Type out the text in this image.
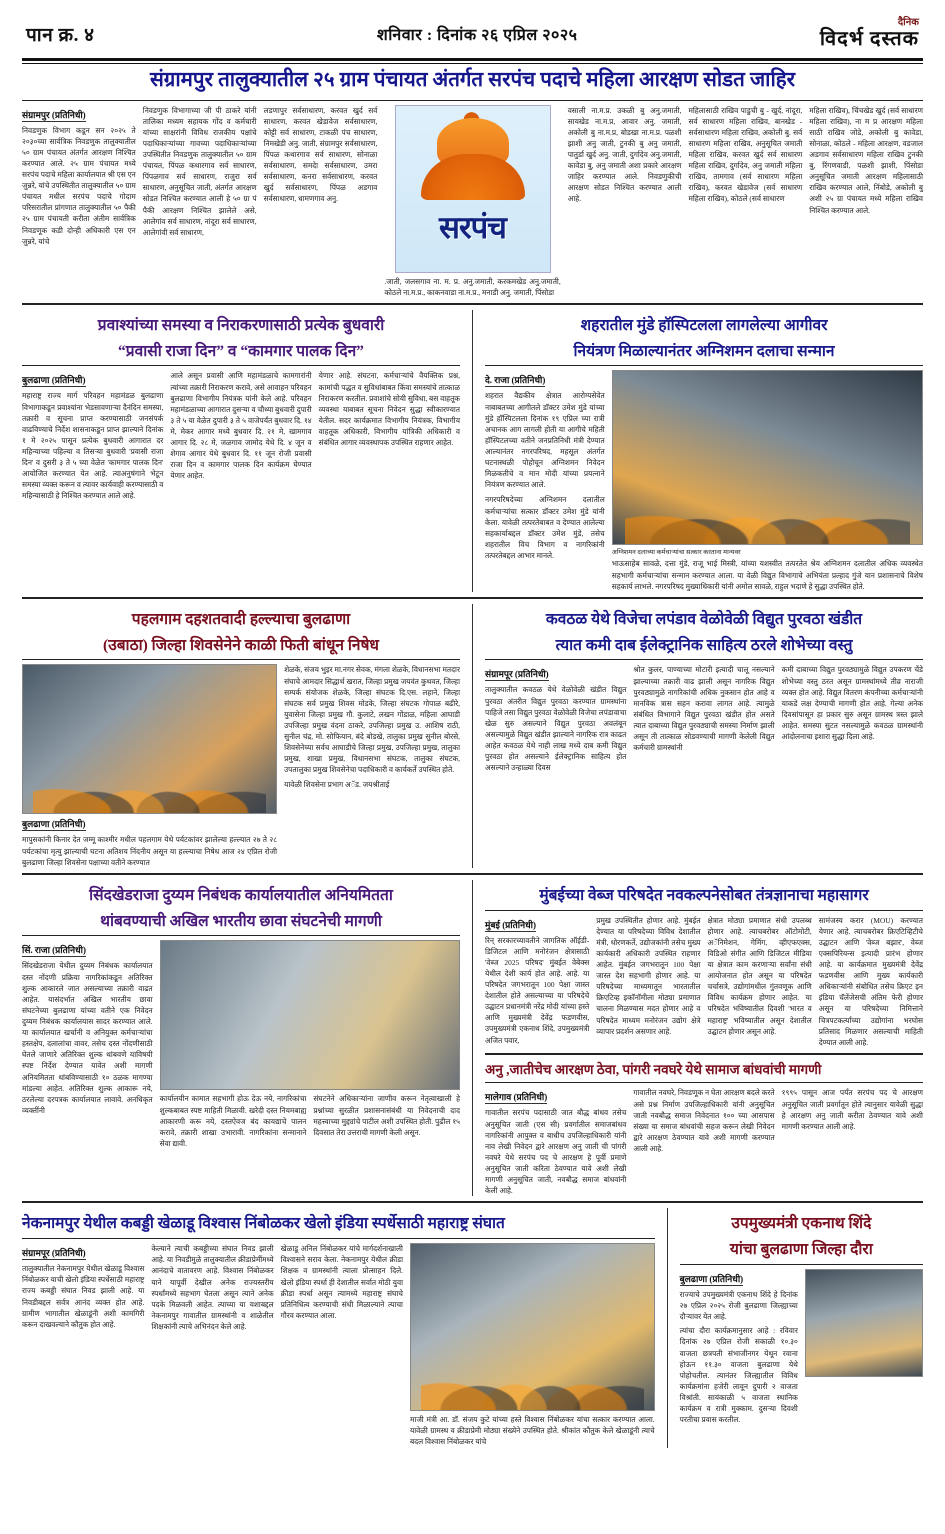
पान क्र. ४	शनिवार : दिनांक २६ एप्रिल २०२५
दैनिक
विदर्भ दस्तक
संग्रामपुर तालुक्यातील २५ ग्राम पंचायत अंतर्गत सरपंच पदाचे महिला आरक्षण सोडत जाहिर
संग्रामपुर (प्रतिनिधी)
निवडणुक विभाग कडून सन २०२५ ते २०३०च्या सार्वत्रिक निवडणुक तालुक्यातील ५० ग्राम पंचायत अंतर्गत आरक्षण निश्चित करण्यात आले. २५ ग्राम पंचायत मध्ये सरपंच पदाचे महिला कार्यालयात श्री एस एन जुन्नरे, यांचे उपस्थितीत तालुक्यातील ५० ग्राम पंचायत मधील सरपंच पदाचे गोदाम परिसरातील प्रांगणात तालुक्यातील ५० पैकी २५ ग्राम पंचायती करीता अंतीम सार्वत्रिक निवडणूक कडी दोन्ही अधिकारी एस एन जुन्नरे, यांचे
निवडणुक विभागाच्या जी पी ठाकरे यांनी तालिका मध्यम सहायक गोंद व कर्मचारी यांच्या साक्षरांनी विविध राजकीय पक्षांचे पदाधिकाऱ्यांच्या गावच्या पदाधिकाऱ्यांच्या उपस्थितीत निवडणुक तालुक्यातील ५० ग्राम पंचायत, पिंपळ कथारगाव सर्व साधारण, पिंपळगाव सर्व साधारण, राजुरा सर्व साधारण, अनुसूचित जाती, अंतर्गत आरक्षण सोडत निश्चित करण्यात आली हे ५० ग्रा पं पैकी आरक्षण निश्चित झालेले असे, आलेगांव सर्व साधारण, नांदूरा सर्व साधारण, आलेगांवी सर्व साधारण,
लडणापुर सर्वसाधारण, करवत खुर्द सर्व साधारण, करवत खेडावेज सर्वसाधारण, कोट्टी सर्व साधारण, टाकळी पंच साधारण, निमखेडी अनु. जाती, संग्रामपुर सर्वसाधारण, पिंपळ कथारगाव सर्व साधारण, सोनाळा सर्वसाधारण, समदेा सर्वसाधारण, उमरा सर्वसाधारण, कनरा सर्वसाधारण, करवत खुर्द सर्वसाधारण, पिंपळ अडगाव सर्वसाधारण, धामणगाव अनु.
सरपंच
.जाती, जलसगाव ना. म. प्र. अनु.जमाती, करकमखेड अनु.जमाती, कोठले ना.म.प्र., काकनवाडा ना.म.प्र., मनाडी अनु. जमाती, पिंसोडा
वसाली ना.म.प्र. उकळी बु अनु.जमाती, सायखेड ना.म.प्र, आवार अनु. जमाती, अकोली बु ना.म.प्र, बोडखा ना.म.प्र. पळशी झाशी अनु जाती, टुनकी बु अनु जमाती, पातुर्डा खुर्द अनु. जाती, दुर्गादेव अनु.जमाती, कावेडा बु, अनु जमाती अशा प्रकारे आरक्षण जाहिर करण्यात आले. निवडणुकीची आरक्षण सोडत निश्चित करण्यात आली आहे.
महिलासाठी राखिव पाडुची बु - खुर्द, नांदूरा, सर्व साधारण महिला राखिव, बानखेड - सर्वसाधारण महिला राखिव, अकोली बु. सर्व साधारण महिला राखिव, अनुसूचित जमाती महिला राखिव, करवत खुर्द सर्व साधारण महिला राखिव, दुर्गादेव, अनु जमाती महिला राखिव, तामगाव (सर्व साधारण महिला राखिव), करवत खेडावेज (सर्व साधारण महिला राखिव), कोठले (सर्व साधारण
महिला राखिव), चिंचखेड खुर्द (सर्व साधारण महिला राखिव), ना म प्र आरक्षण महिला साठी राखिव जोडे, अकोली बु कावेडा, सोनाळा, कोठले - महिला आरक्षण, वडजाल अडगाव सर्वसाधारण महिला राखिव टुनकी बु, रिंगणवाडी, पळशी झाशी, पिंसोडा अनुसूचित जमाती आरक्षण महिलासाठी राखिव करण्यात आले, निंबोडे, अकोली बु अशी २५ ग्रा पंचायत मध्ये महिला राखिव निश्चित करण्यात आले.
प्रवाश्यांच्या समस्या व निराकरणासाठी प्रत्येक बुधवारी
“प्रवासी राजा दिन” व “कामगार पालक दिन”
बुलढाणा (प्रतिनिधी)
महाराष्ट्र राज्य मार्ग परिवहन महामंडळ बुलढाणा विभागाकडून प्रवाश्यांना भेडसावणाऱ्या दैनंदिन समस्या, तक्रारी व सूचना प्राप्त करण्यासाठी जनसंपर्क वाढविण्याचे निर्देश शासनाकडून प्राप्त झाल्याने दिनांक १ मे २०२५ पासून प्रत्येक बुधवारी आगारात दर महिन्याच्या पहिल्या व तिसऱ्या बुधवारी 'प्रवासी राजा दिन' व दुसरी ३ ते ५ च्या वेळेत 'कामगार पालक दिन' आयोजित करण्यात येत आहे. त्याअनुषंगाने भेटून समस्या व्यक्त करून व त्यावर कार्यवाही करण्यासाठी व महिन्यासाठी हे निश्चित करण्यात आले आहे.
आले असून प्रवासी आणि महामंडळाचे कामगारांनी त्यांच्या तक्रारी निराकरण करावे, असे आवाहन परिवहन बुलढाणा विभागीय नियंत्रक यांनी केले आहे. परिवहन महामंडळाच्या आगारात दुसऱ्या व चौथ्या बुधवारी दुपारी ३ ते ५ या वेळेत दुपारी ३ ते ५ वाजेपर्यंत बुधवार दि. १४ मे, मेकर आगार मध्ये बुधवार दि. २१ मे, खामगाव आगार दि. २८ मे, जळगाव जामोद येथे दि. ४ जून व शेगाव आगार येथे बुधवार दि. ११ जून रोजी प्रवासी राजा दिन व कामगार पालक दिन कार्यक्रम घेण्यात येणार आहेत.
येणार आहे. संघटना, कर्मचाऱ्यांचे वैयक्तिक प्रश्न, कामांची पद्धत व सुविधांबाबत किंवा समस्यांचे तात्काळ निराकरण करतील. प्रवाशांचे सोयी सुविधा, बस वाहतूक व्यवस्था याबाबत सूचना निवेदन सुद्धा स्वीकारण्यात येतील. सदर कार्यक्रमात विभागीय नियंत्रक, विभागीय वाहतूक अधिकारी, विभागीय यांत्रिकी अधिकारी व संबंधित आगार व्यवस्थापक उपस्थित राहणार आहेत.
शहरातील मुंडे हॉस्पिटलला लागलेल्या आगीवर
नियंत्रण मिळाल्यानंतर अग्निशमन दलाचा सन्मान
दे. राजा (प्रतिनिधी)
शहरात वैद्यकीय क्षेत्रात आरोग्यसेवेत नाबाबतच्या आगीतले डॉक्टर उमेश मुंडे यांच्या मुंडे हॉस्पिटलला दिनांक १९ एप्रिल च्या रात्री अचानक आग लागली होती या आगीचे महिती हॉस्पिटलच्या वतीने जनप्रतिनिधी मंत्री देण्यात आल्यानंतर नगरपरिषद, महसूल अंतर्गत घटनास्थळी पोहोचून अग्निशमन निवेदन मिळकतीचे व मान मोदी यांच्या प्रयत्नाने नियंत्रण करण्यात आले.
नगरपरिषदेच्या अग्निशमन दलातील कर्मचाऱ्यांचा सत्कार डॉक्टर उमेश मुंडे यांनी केला. यावेळी तत्परतेबाबत व देण्यात आलेल्या सहकार्याबद्दल डॉक्टर उमेश मुंडे, तसेच शहरातील विच विभाग व नागरिकांनी तत्परतेबद्दल आभार मानले.	अग्निशमन दलाच्या कर्मचाऱ्यांचा सत्कार करताना मान्यवर
भाऊसाहेब सावळे, दत्ता मुंडे, राजू भाई मिस्त्री, यांच्या यशस्वीत तत्परतेत श्रेय अग्निशमन दलातील अधिक व्यवस्थेत सहभागी कर्मचाऱ्यांचा सन्मान करण्यात आला. या वेळी विद्युत विभागाचे अभियंता प्रल्हाद गुंजे यान प्रशासनाचे विशेष सहकार्य लाभले. नगरपरिषद मुख्याधिकारी यांनी अमोल सावळे, राहुल भदाणे हे सुद्धा उपस्थित होते.
पहलगाम दहशतवादी हल्ल्याचा बुलढाणा
(उबाठा) जिल्हा शिवसेनेने काळी फिती बांधून निषेध
बुलढाणा (प्रतिनिधी)
मापुसकांनी किनार देत जम्मू काश्मीर मधील पहलगाम येथे पर्यटकांवर झालेल्या हल्ल्यात २७ ते २८ पर्यटकांचा मृत्यु झाल्याची घटना अतिशय निंदनीय असून या हल्ल्याचा निषेध आज २४ एप्रिल रोजी बुलढाणा जिल्हा शिवसेना पक्षाच्या वतीने करण्यात
शेळके, संजय भुइर मा.नगर सेवक, मंगला शेळके, विधानसभा मतदार संघाचे आमदार सिद्धार्थ खरात, जिल्हा प्रमुख जयवंत कुथवत, जिल्हा सम्पर्क संयोजक शेळके, जिल्हा संघटक दि.एस. लहाने, जिल्हा संघटक सर्व प्रमुख शिवस मोडके, जिल्हा संघटक गोपाळ बढीरे, युवासेना जिल्हा प्रमुख गौ. कुलाटे, लखन गोंडाळ, महिला आघाडी उपजिल्हा प्रमुख वंदना ठाकरे, उपजिल्हा प्रमुख उ. आशिष राठी, सुनील चंद्र, मो. सोफियान, बंदे बोडखे, तालुका प्रमुख सुनील बोरसे, शिवसेनेच्या सर्वच आघाडीचे जिल्हा प्रमुख, उपजिल्हा प्रमुख, तालुका प्रमुख, शाखा प्रमुख, विधानसभा संघटक, तालुका संघटक, उपतालुका प्रमुख शिवसेनेचा पदाधिकारी व कार्यकर्ते उपस्थित होते.
यावेळी शिवसेना प्रभाग अॅड. जयश्रीताई
कवठळ येथे विजेचा लपंडाव वेळोवेळी विद्युत पुरवठा खंडीत
त्यात कमी दाब ईलेक्ट्रानिक साहित्य ठरले शोभेच्या वस्तु
संग्रामपूर (प्रतिनिधी)
तालुक्यातील कवठळ येथे वेळोवेळी खंडीत विद्युत पुरवठा अंतरीत विद्युत पुरवठा करण्यात ग्रामस्थांना पाहिजे तसा विद्युत पुरवठा वेळोवेळी विजेचा लपंडावाचा खेळ सुरु असल्याने विद्युत पुरवठा अवलंबून असल्यामुळे विद्युत खंडीत झाल्याने नागरिक रात्र काढत आहेत कवठळ येथे नाही लाख मध्ये दाब कमी विद्युत पुरवठा होत असल्याने ईलेक्ट्रानिक साहित्य होत असल्याने उन्हाळ्या दिवस
श्रोत कुलर, पाण्याच्या मोटारी इत्यादी चालू नसल्याने झाल्याच्या तक्रारी वाढ झाली असून नागरिक विद्युत पुरवठ्यामुळे नागरिकांची अधिक नुकसान होत आहे व मानविक त्रास सहन करावा लागत आहे. त्यामुळे संबंधित विभागाने विद्युत पुरवठा खंडीत होत असते त्यात दाबाच्या विद्युत पुरवठ्याची समस्या निर्माण झाली असून ती तात्काळ सोडवण्याची मागणी केलेली विद्युत कर्मचारी ग्रामस्थांनी
कमी दाबाच्या विद्युत पुरवठ्यामुळे विद्युत उपकरण चेंडे शोभेच्या वस्तु ठरत असून ग्रामस्थांमध्ये तीव्र नाराजी व्यक्त होत आहे. विद्युत वितरण कंपनीच्या कर्मचाऱ्यांनी याकडे लक्ष देण्याची मागणी होत आहे. गेल्या अनेक दिवसांपासून हा प्रकार सुरु असून ग्रामस्थ त्रस्त झाले आहेत. समस्या सुटत नसल्यामुळे कवठळ ग्रामस्थांनी आंदोलनाचा इशारा सुद्धा दिला आहे.
सिंदखेडराजा दुय्यम निबंधक कार्यालयातील अनियमितता
थांबवण्याची अखिल भारतीय छावा संघटनेची मागणी
सिं. राजा (प्रतिनिधी)
सिंदखेडराजा येथील दुय्यम निबंधक कार्यालयात दस्त नोंदणी प्रक्रिया नागरिकांकडून अतिरिक्त शुल्क आकारले जात असल्याच्या तक्रारी वाढत आहेत. यासंदर्भात अखिल भारतीय छावा संघटनेच्या बुलढाणा यांच्या वतीने एक निवेदन दुय्यम निबंधक कार्यालयास सादर करण्यात आले. या कार्यालयात खर्चानी व अनियुक्त कर्मचाऱ्यांचा हस्तक्षेप, दलालांचा वावर, तसेच दस्त नोंदणीसाठी घेतले जाणारे अतिरिक्त शुल्क थांबवणे याविषयी स्पष्ट निर्देश देण्यात यावेत अशी मागणी अनियमितता थांबविण्यासाठी १० ठळक मागण्या मांडल्या आहेत. अतिरिक्त शुल्क आकारू नये, ठरलेल्या दरपत्रक कार्यालयात लावावे. अनधिकृत व्यक्तींनी
कार्यालयीन कामात सहभागी होऊ देऊ नये, नागरिकांचा शुल्कबाबत स्पष्ट माहिती मिळावी. खरेदी दस्त नियमबाह्य आकारणी करू नये, दस्तऐवज बंद कायद्याचे पालन करावे, तक्रारी शाखा उभारावी. नागरिकांना सन्मानाने सेवा द्यावी.
संघटनेने अधिकाऱ्यांना जाणीव करून नेतृत्वाखाली हे प्रश्नांच्या सुरळीत प्रशासनासंबंधी या निवेदनाची दाद महत्त्वाच्या मुद्द्यांचे पाटील अशी उपस्थित होती. पुढील १५ दिवसात तेरा उत्तराची मागणी केली असून.
मुंबईच्या वेब्ज परिषदेत नवकल्पनेसोबत तंत्रज्ञानाचा महासागर
मुंबई (प्रतिनिधी)
रिन् सरकारच्यावतीने जागतिक ऑईडी-डिजिटल आणि मनोरंजन क्षेत्रासाठी 'वेब्ज 2025 परिषद' मुंबईत वेबेक्स येथील देशी कार्य होत आहे. आहे. या परिषदेत जगभरातून 100 पेक्षा जास्त देशातील होते असल्याच्या या परिषदेचे उद्घाटन प्रधानमंत्री नरेंद्र मोदी यांच्या हस्ते आणि मुख्यमंत्री देवेंद्र फडणवीस, उपमुख्यमंत्री एकनाथ शिंदे, उपमुख्यमंत्री अजित पवार,
प्रमुख उपस्थितीत होणार आहे. मुंबईत देण्यात या परिषदेच्या विविध देशातील मंत्री, धोरणकर्ते, उद्योजकांनी तसेच मुख्य कार्यकारी अधिकारी उपस्थित राहणार आहेत. मुंबईत जगभरातून 100 पेक्षा जास्त देश सहभागी होणार आहे. या परिषदेच्या माध्यमातून भारतातील क्रिएटिव्ह इकॉनॉमीला मोठ्या प्रमाणात चालना मिळण्यास मदत होणार आहे व परिषदेत माध्यम मनोरंजन उद्योग क्षेत्रे व्यापार प्रदर्शन असणार आहे.
क्षेत्रात मोठ्या प्रमाणात संधी उपलब्ध होणार आहे. त्याचबरोबर ऑटोमोटी, अॅनिमेशन, गेमिंग, व्हीएफएक्स, विडिओ संगीत आणि डिजिटल मीडिया या क्षेत्रात काम करणाऱ्या सर्वांना संधी आयोजनात होत असून या परिषदेत चर्चासत्रे, उद्योगांमधील गुंतवणूक आणि विविध कार्यक्रम होणार आहेत. या परिषदेत भविष्यातील दिवशी 'भारत व महाराष्ट्र' भविष्यातील असून देशातील उद्घाटन होणार असून आहे.
सामंजस्य करार (MOU) करण्यात येणार आहे. त्याचबरोबर क्रिएटिव्हिटीचे उद्घाटन आणि 'वेब्ज बझार', वेब्ज एक्सपिरियन्स इत्यादी प्रारंभ होणार आहे. या कार्यक्रमात मुख्यमंत्री देवेंद्र फडणवीस आणि मुख्य कार्यकारी अधिकाऱ्यांनी संबोधित तसेच क्रिएट इन इंडिया चॅलेंजेसची अंतिम फेरी होणार असून या परिषदेच्या निमित्ताने चित्रपटकर्त्यांच्या उद्योगांना भरघोस प्रतिसाद मिळणार असल्याची माहिती देण्यात आली आहे.
अनु ,जातीचेच आरक्षण ठेवा, पांगरी नवघरे येथे सामाज बांधवांची मागणी
मालेगाव (प्रतिनिधी)
गावातील सरपंच पदासाठी जात बौद्ध बांधव तसेच अनुसूचित जाती (एस सी) प्रवर्गातील समाजबांधव नागरिकांनी आपुक्त व बाधीच उपजिल्हाधिकारी यांनी नाव लेखी निवेदन द्वारे आरक्षण अनु जाती ची पांगरी नवघरे येथे सरपंच पद चे आरक्षण हे पूर्वी प्रमाणे अनुसूचित जाती करिता ठेवण्यात यावे अशी लेखी मागणी अनुसूचित जाती, नवबौद्ध समाज बांधवांनी केली आहे.
गावातील नवघरे, निवडणूक न घेता आरक्षण बदले करते असे प्रश्न निर्माण उपजिल्हाधिकारी यांनी अनुसूचित जाती नवबौद्ध समाज निवेदनात १०० च्या आसपास संख्या या समाज बांधवांची सहज करून लेखी निवेदन द्वारे आरक्षण ठेवण्यात यावे अशी मागणी करण्यात आली आहे.
१९९५ पासून आज पर्यंत सरपंच पद चे आरक्षण अनुसूचित जाती प्रवर्गातून होते त्यानुसार यावेळी सुद्धा हे आरक्षण अनु जाती करीता ठेवण्यात यावे अशी मागणी करण्यात आली आहे.
नेकनामपुर येथील कबड्डी खेळाडू विश्वास निंबोळकर खेलो इंडिया स्पर्धेसाठी महाराष्ट्र संघात
संग्रामपूर (प्रतिनिधी)
तालुक्यातील नेकनामपुर येथील खेळाडू विश्वास निंबोळकर याची खेलो इंडिया स्पर्धेसाठी महाराष्ट्र राज्य कबड्डी संघात निवड झाली आहे. या निवडीबद्दल सर्वत्र आनंद व्यक्त होत आहे. ग्रामीण भागातील खेळाडूंनी अशी कामगिरी करून दाखवल्याने कौतुक होत आहे.
केल्याने त्याची कबड्डीच्या संघात निवड झाली आहे. या निवडीमुळे तालुक्यातील क्रीडाप्रेमींमध्ये आनंदाचे वातावरण आहे. विश्वास निंबोळकर याने यापूर्वी देखील अनेक राज्यस्तरीय स्पर्धांमध्ये सहभाग घेतला असून त्याने अनेक पदके मिळवली आहेत. त्याच्या या यशाबद्दल नेकनामपुर गावातील ग्रामस्थांनी व शाळेतील शिक्षकांनी त्याचे अभिनंदन केले आहे.
खेळाडू अनिल निंबोळकर यांचे मार्गदर्शनाखाली विश्वासने सराव केला. नेकनामपुर येथील क्रीडा शिक्षक व ग्रामस्थांनी त्याला प्रोत्साहन दिले. खेलो इंडिया स्पर्धा ही देशातील सर्वात मोठी युवा क्रीडा स्पर्धा असून त्यामध्ये महाराष्ट्र संघाचे प्रतिनिधित्व करण्याची संधी मिळाल्याने त्याचा गौरव करण्यात आला.
माजी मंत्री आ. डॉ. संजय कुटे यांच्या हस्ते विश्वास निंबोळकर यांचा सत्कार करण्यात आला. यावेळी ग्रामस्थ व क्रीडाप्रेमी मोठ्या संख्येने उपस्थित होते. श्रीकांत कौतुक केले खेळाडूंनी त्याचे बदल विश्वास निंबोळकर यांचे
उपमुख्यमंत्री एकनाथ शिंदे
यांचा बुलढाणा जिल्हा दौरा
बुलढाणा (प्रतिनिधी)
राज्याचे उपमुख्यमंत्री एकनाथ शिंदे हे दिनांक २७ एप्रिल २०२५ रोजी बुलढाणा जिल्ह्याच्या दौऱ्यावर येत आहे.
त्यांचा दौरा कार्यक्रमानुसार आहे : रविवार दिनांक २७ एप्रिल रोजी सकाळी १०.३० वाजता छत्रपती संभाजीनगर येथून रवाना होऊन ११.३० वाजता बुलढाणा येथे पोहोचतील. त्यानंतर जिल्ह्यातील विविध कार्यक्रमांना हजेरी लावून दुपारी २ वाजता विश्रांती. सायंकाळी ५ वाजता स्थानिक कार्यक्रम व रात्री मुक्काम. दुसऱ्या दिवशी परतीचा प्रवास करतील.
